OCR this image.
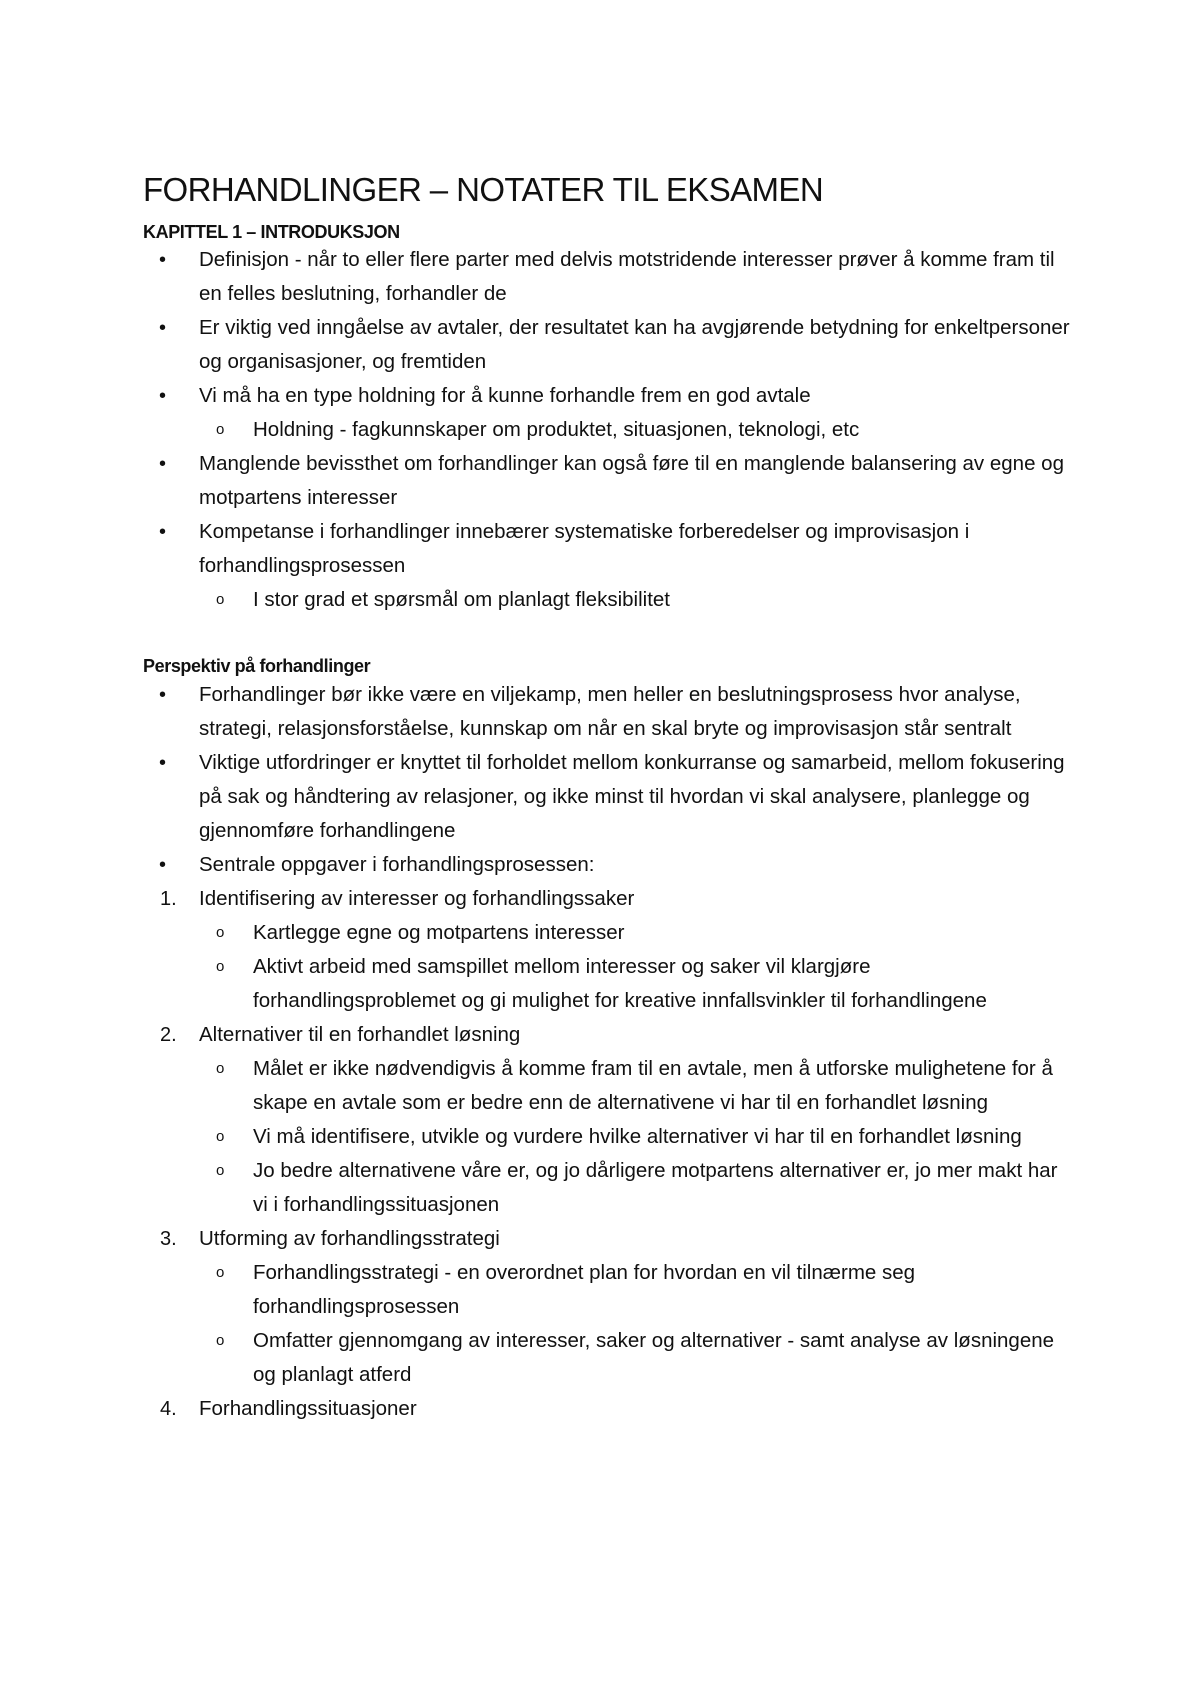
FORHANDLINGER – NOTATER TIL EKSAMEN
KAPITTEL 1 – INTRODUKSJON
•	Definisjon - når to eller flere parter med delvis motstridende interesser prøver å komme fram til en felles beslutning, forhandler de
•	Er viktig ved inngåelse av avtaler, der resultatet kan ha avgjørende betydning for enkeltpersoner og organisasjoner, og fremtiden
•	Vi må ha en type holdning for å kunne forhandle frem en god avtale
o Holdning - fagkunnskaper om produktet, situasjonen, teknologi, etc
•	Manglende bevissthet om forhandlinger kan også føre til en manglende balansering av egne og motpartens interesser
•	Kompetanse i forhandlinger innebærer systematiske forberedelser og improvisasjon i forhandlingsprosessen
o I stor grad et spørsmål om planlagt fleksibilitet
Perspektiv på forhandlinger
•	Forhandlinger bør ikke være en viljekamp, men heller en beslutningsprosess hvor analyse, strategi, relasjonsforståelse, kunnskap om når en skal bryte og improvisasjon står sentralt
•	Viktige utfordringer er knyttet til forholdet mellom konkurranse og samarbeid, mellom fokusering på sak og håndtering av relasjoner, og ikke minst til hvordan vi skal analysere, planlegge og gjennomføre forhandlingene
•	Sentrale oppgaver i forhandlingsprosessen:
1.	Identifisering av interesser og forhandlingssaker
o Kartlegge egne og motpartens interesser
o Aktivt arbeid med samspillet mellom interesser og saker vil klargjøre forhandlingsproblemet og gi mulighet for kreative innfallsvinkler til forhandlingene
2.	Alternativer til en forhandlet løsning
o Målet er ikke nødvendigvis å komme fram til en avtale, men å utforske mulighetene for å skape en avtale som er bedre enn de alternativene vi har til en forhandlet løsning
o Vi må identifisere, utvikle og vurdere hvilke alternativer vi har til en forhandlet løsning
o Jo bedre alternativene våre er, og jo dårligere motpartens alternativer er, jo mer makt har vi i forhandlingssituasjonen
3.	Utforming av forhandlingsstrategi
o Forhandlingsstrategi - en overordnet plan for hvordan en vil tilnærme seg forhandlingsprosessen
o Omfatter gjennomgang av interesser, saker og alternativer - samt analyse av løsningene og planlagt atferd
4.	Forhandlingssituasjoner
